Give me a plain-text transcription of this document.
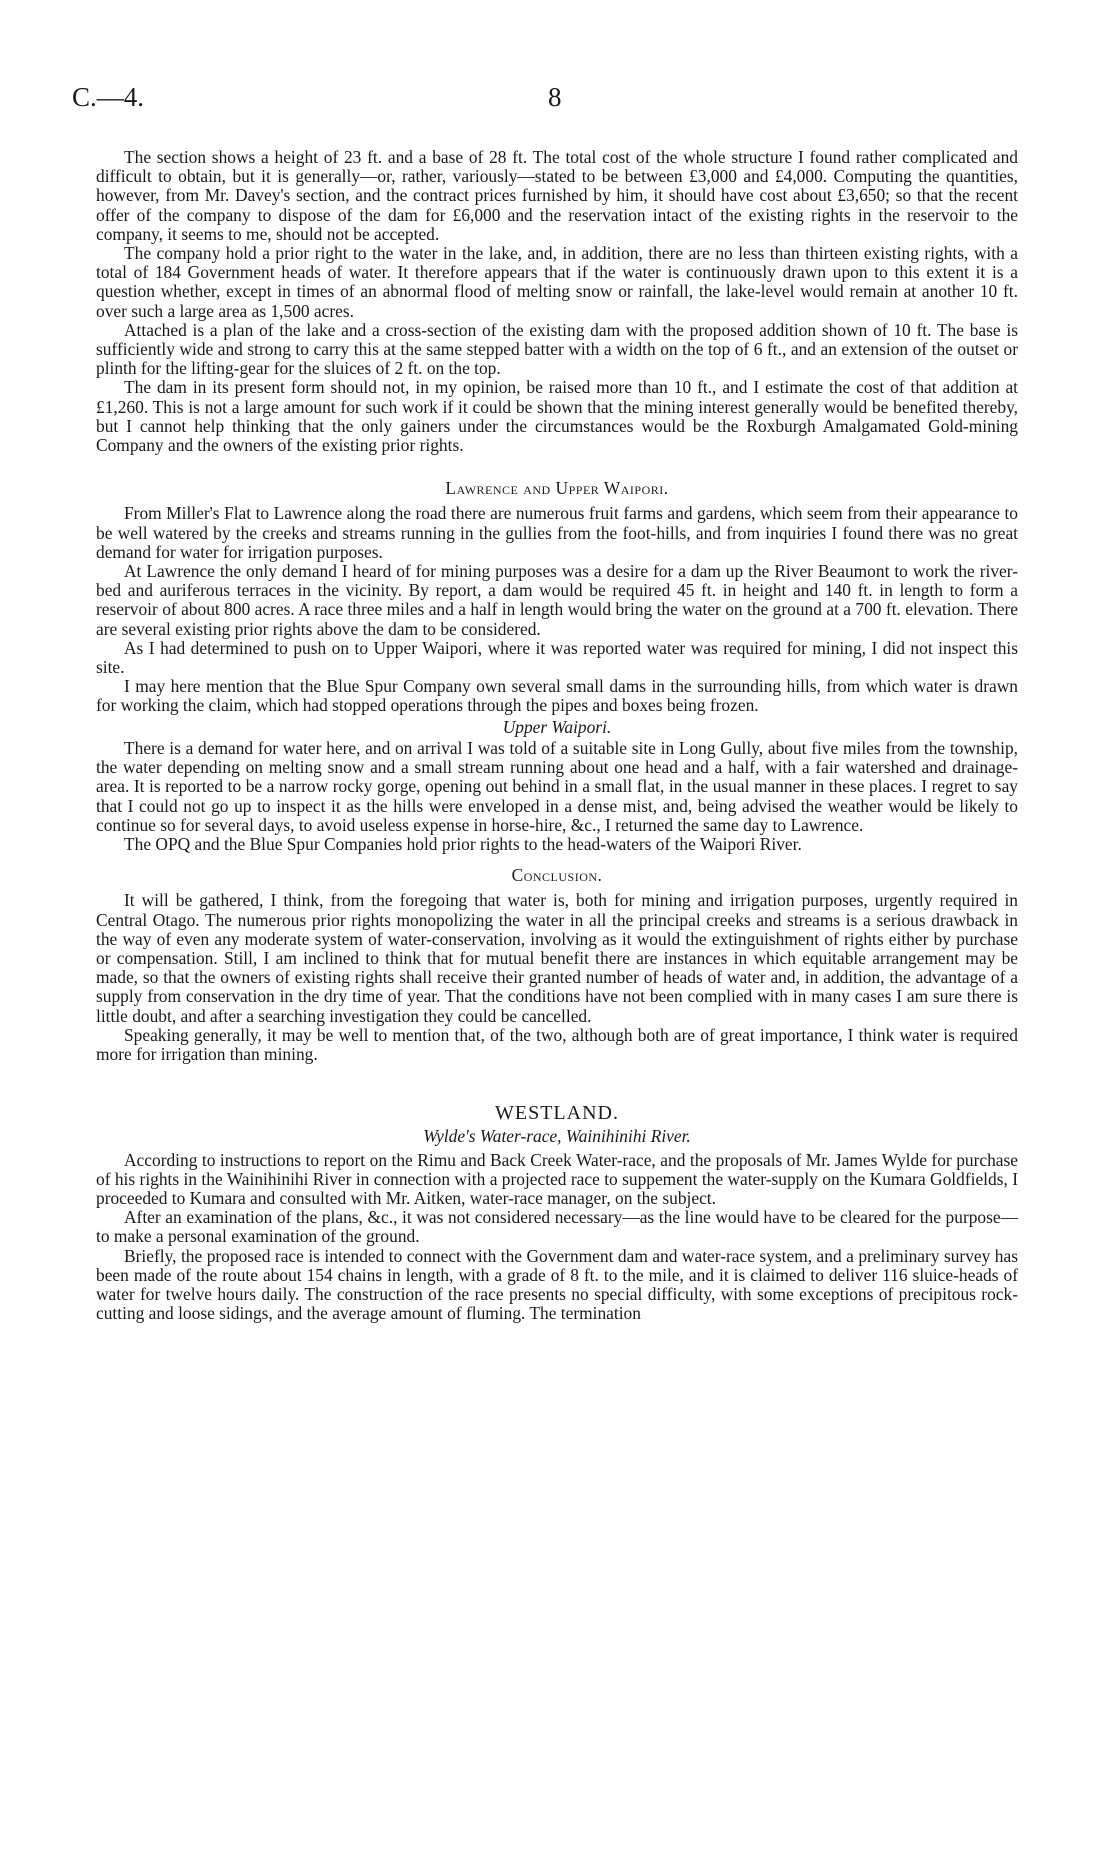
C.—4.	8

The section shows a height of 23 ft. and a base of 28 ft. The total cost of the whole structure I found rather complicated and difficult to obtain, but it is generally—or, rather, variously—stated to be between £3,000 and £4,000. Computing the quantities, however, from Mr. Davey's section, and the contract prices furnished by him, it should have cost about £3,650; so that the recent offer of the company to dispose of the dam for £6,000 and the reservation intact of the existing rights in the reservoir to the company, it seems to me, should not be accepted.

The company hold a prior right to the water in the lake, and, in addition, there are no less than thirteen existing rights, with a total of 184 Government heads of water. It therefore appears that if the water is continuously drawn upon to this extent it is a question whether, except in times of an abnormal flood of melting snow or rainfall, the lake-level would remain at another 10 ft. over such a large area as 1,500 acres.

Attached is a plan of the lake and a cross-section of the existing dam with the proposed addition shown of 10 ft. The base is sufficiently wide and strong to carry this at the same stepped batter with a width on the top of 6 ft., and an extension of the outset or plinth for the lifting-gear for the sluices of 2 ft. on the top.

The dam in its present form should not, in my opinion, be raised more than 10 ft., and I estimate the cost of that addition at £1,260. This is not a large amount for such work if it could be shown that the mining interest generally would be benefited thereby, but I cannot help thinking that the only gainers under the circumstances would be the Roxburgh Amalgamated Gold-mining Company and the owners of the existing prior rights.

Lawrence and Upper Waipori.

From Miller's Flat to Lawrence along the road there are numerous fruit farms and gardens, which seem from their appearance to be well watered by the creeks and streams running in the gullies from the foot-hills, and from inquiries I found there was no great demand for water for irrigation purposes.

At Lawrence the only demand I heard of for mining purposes was a desire for a dam up the River Beaumont to work the river-bed and auriferous terraces in the vicinity. By report, a dam would be required 45 ft. in height and 140 ft. in length to form a reservoir of about 800 acres. A race three miles and a half in length would bring the water on the ground at a 700 ft. elevation. There are several existing prior rights above the dam to be considered.

As I had determined to push on to Upper Waipori, where it was reported water was required for mining, I did not inspect this site.

I may here mention that the Blue Spur Company own several small dams in the surrounding hills, from which water is drawn for working the claim, which had stopped operations through the pipes and boxes being frozen.

Upper Waipori.

There is a demand for water here, and on arrival I was told of a suitable site in Long Gully, about five miles from the township, the water depending on melting snow and a small stream running about one head and a half, with a fair watershed and drainage-area. It is reported to be a narrow rocky gorge, opening out behind in a small flat, in the usual manner in these places. I regret to say that I could not go up to inspect it as the hills were enveloped in a dense mist, and, being advised the weather would be likely to continue so for several days, to avoid useless expense in horse-hire, &c., I returned the same day to Lawrence.

The OPQ and the Blue Spur Companies hold prior rights to the head-waters of the Waipori River.

Conclusion.

It will be gathered, I think, from the foregoing that water is, both for mining and irrigation purposes, urgently required in Central Otago. The numerous prior rights monopolizing the water in all the principal creeks and streams is a serious drawback in the way of even any moderate system of water-conservation, involving as it would the extinguishment of rights either by purchase or compensation. Still, I am inclined to think that for mutual benefit there are instances in which equitable arrangement may be made, so that the owners of existing rights shall receive their granted number of heads of water and, in addition, the advantage of a supply from conservation in the dry time of year. That the conditions have not been complied with in many cases I am sure there is little doubt, and after a searching investigation they could be cancelled.

Speaking generally, it may be well to mention that, of the two, although both are of great importance, I think water is required more for irrigation than mining.

WESTLAND.
Wylde's Water-race, Wainihinihi River.

According to instructions to report on the Rimu and Back Creek Water-race, and the proposals of Mr. James Wylde for purchase of his rights in the Wainihinihi River in connection with a projected race to suppement the water-supply on the Kumara Goldfields, I proceeded to Kumara and consulted with Mr. Aitken, water-race manager, on the subject.

After an examination of the plans, &c., it was not considered necessary—as the line would have to be cleared for the purpose—to make a personal examination of the ground.

Briefly, the proposed race is intended to connect with the Government dam and water-race system, and a preliminary survey has been made of the route about 154 chains in length, with a grade of 8 ft. to the mile, and it is claimed to deliver 116 sluice-heads of water for twelve hours daily. The construction of the race presents no special difficulty, with some exceptions of precipitous rock-cutting and loose sidings, and the average amount of fluming. The termination
